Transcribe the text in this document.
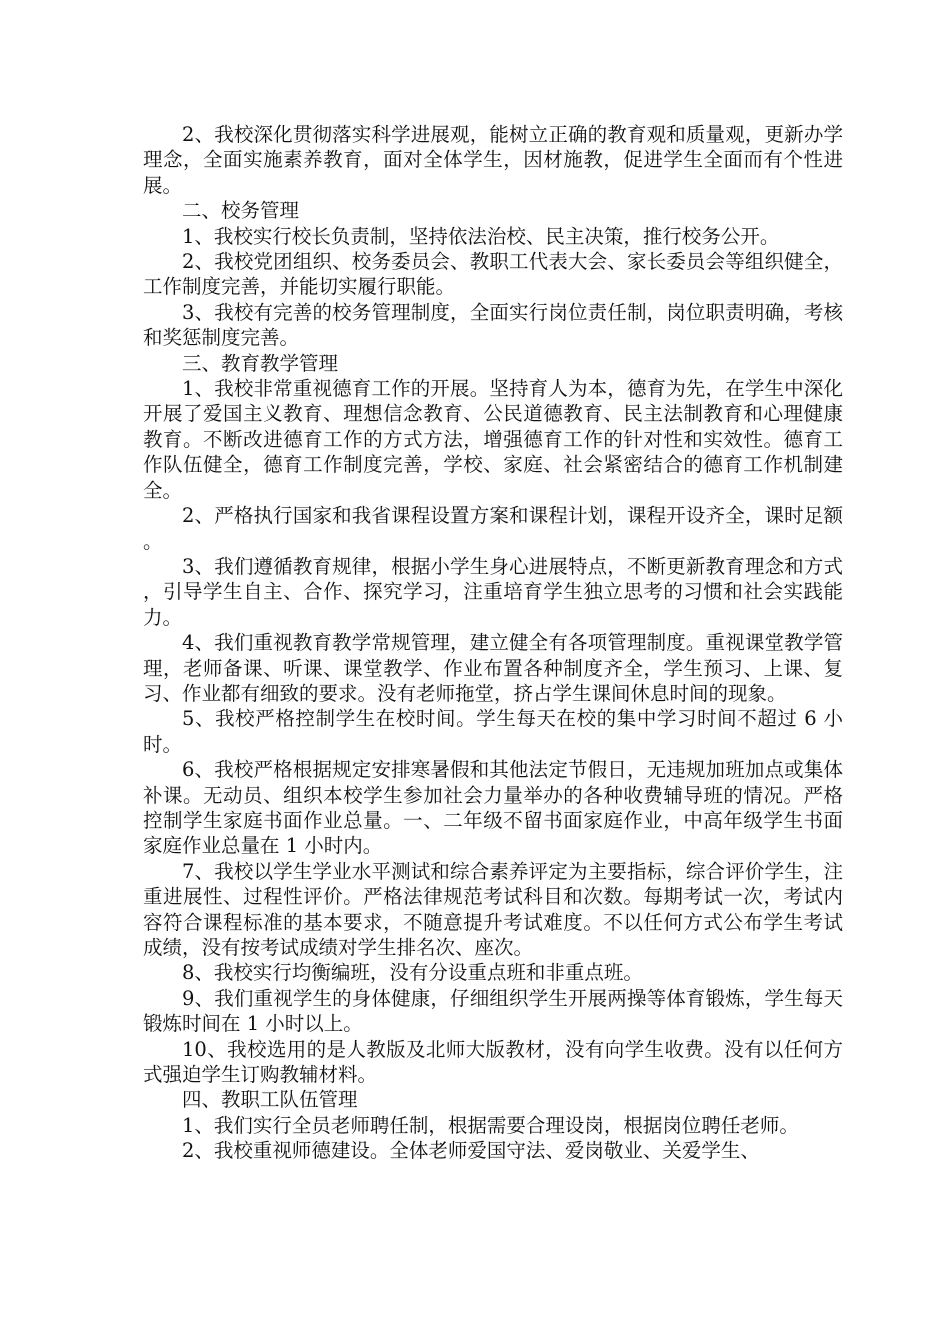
2、我校深化贯彻落实科学进展观，能树立正确的教育观和质量观，更新办学理念，全面实施素养教育，面对全体学生，因材施教，促进学生全面而有个性进展。

二、校务管理

1、我校实行校长负责制，坚持依法治校、民主决策，推行校务公开。

2、我校党团组织、校务委员会、教职工代表大会、家长委员会等组织健全，工作制度完善，并能切实履行职能。

3、我校有完善的校务管理制度，全面实行岗位责任制，岗位职责明确，考核和奖惩制度完善。

三、教育教学管理

1、我校非常重视德育工作的开展。坚持育人为本，德育为先，在学生中深化开展了爱国主义教育、理想信念教育、公民道德教育、民主法制教育和心理健康教育。不断改进德育工作的方式方法，增强德育工作的针对性和实效性。德育工作队伍健全，德育工作制度完善，学校、家庭、社会紧密结合的德育工作机制建全。

2、严格执行国家和我省课程设置方案和课程计划，课程开设齐全，课时足额。

3、我们遵循教育规律，根据小学生身心进展特点，不断更新教育理念和方式，引导学生自主、合作、探究学习，注重培育学生独立思考的习惯和社会实践能力。

4、我们重视教育教学常规管理，建立健全有各项管理制度。重视课堂教学管理，老师备课、听课、课堂教学、作业布置各种制度齐全，学生预习、上课、复习、作业都有细致的要求。没有老师拖堂，挤占学生课间休息时间的现象。

5、我校严格控制学生在校时间。学生每天在校的集中学习时间不超过 6 小时。

6、我校严格根据规定安排寒暑假和其他法定节假日，无违规加班加点或集体补课。无动员、组织本校学生参加社会力量举办的各种收费辅导班的情况。严格控制学生家庭书面作业总量。一、二年级不留书面家庭作业，中高年级学生书面家庭作业总量在 1 小时内。

7、我校以学生学业水平测试和综合素养评定为主要指标，综合评价学生，注重进展性、过程性评价。严格法律规范考试科目和次数。每期考试一次，考试内容符合课程标准的基本要求，不随意提升考试难度。不以任何方式公布学生考试成绩，没有按考试成绩对学生排名次、座次。

8、我校实行均衡编班，没有分设重点班和非重点班。

9、我们重视学生的身体健康，仔细组织学生开展两操等体育锻炼，学生每天锻炼时间在 1 小时以上。

10、我校选用的是人教版及北师大版教材，没有向学生收费。没有以任何方式强迫学生订购教辅材料。

四、教职工队伍管理

1、我们实行全员老师聘任制，根据需要合理设岗，根据岗位聘任老师。

2、我校重视师德建设。全体老师爱国守法、爱岗敬业、关爱学生、
